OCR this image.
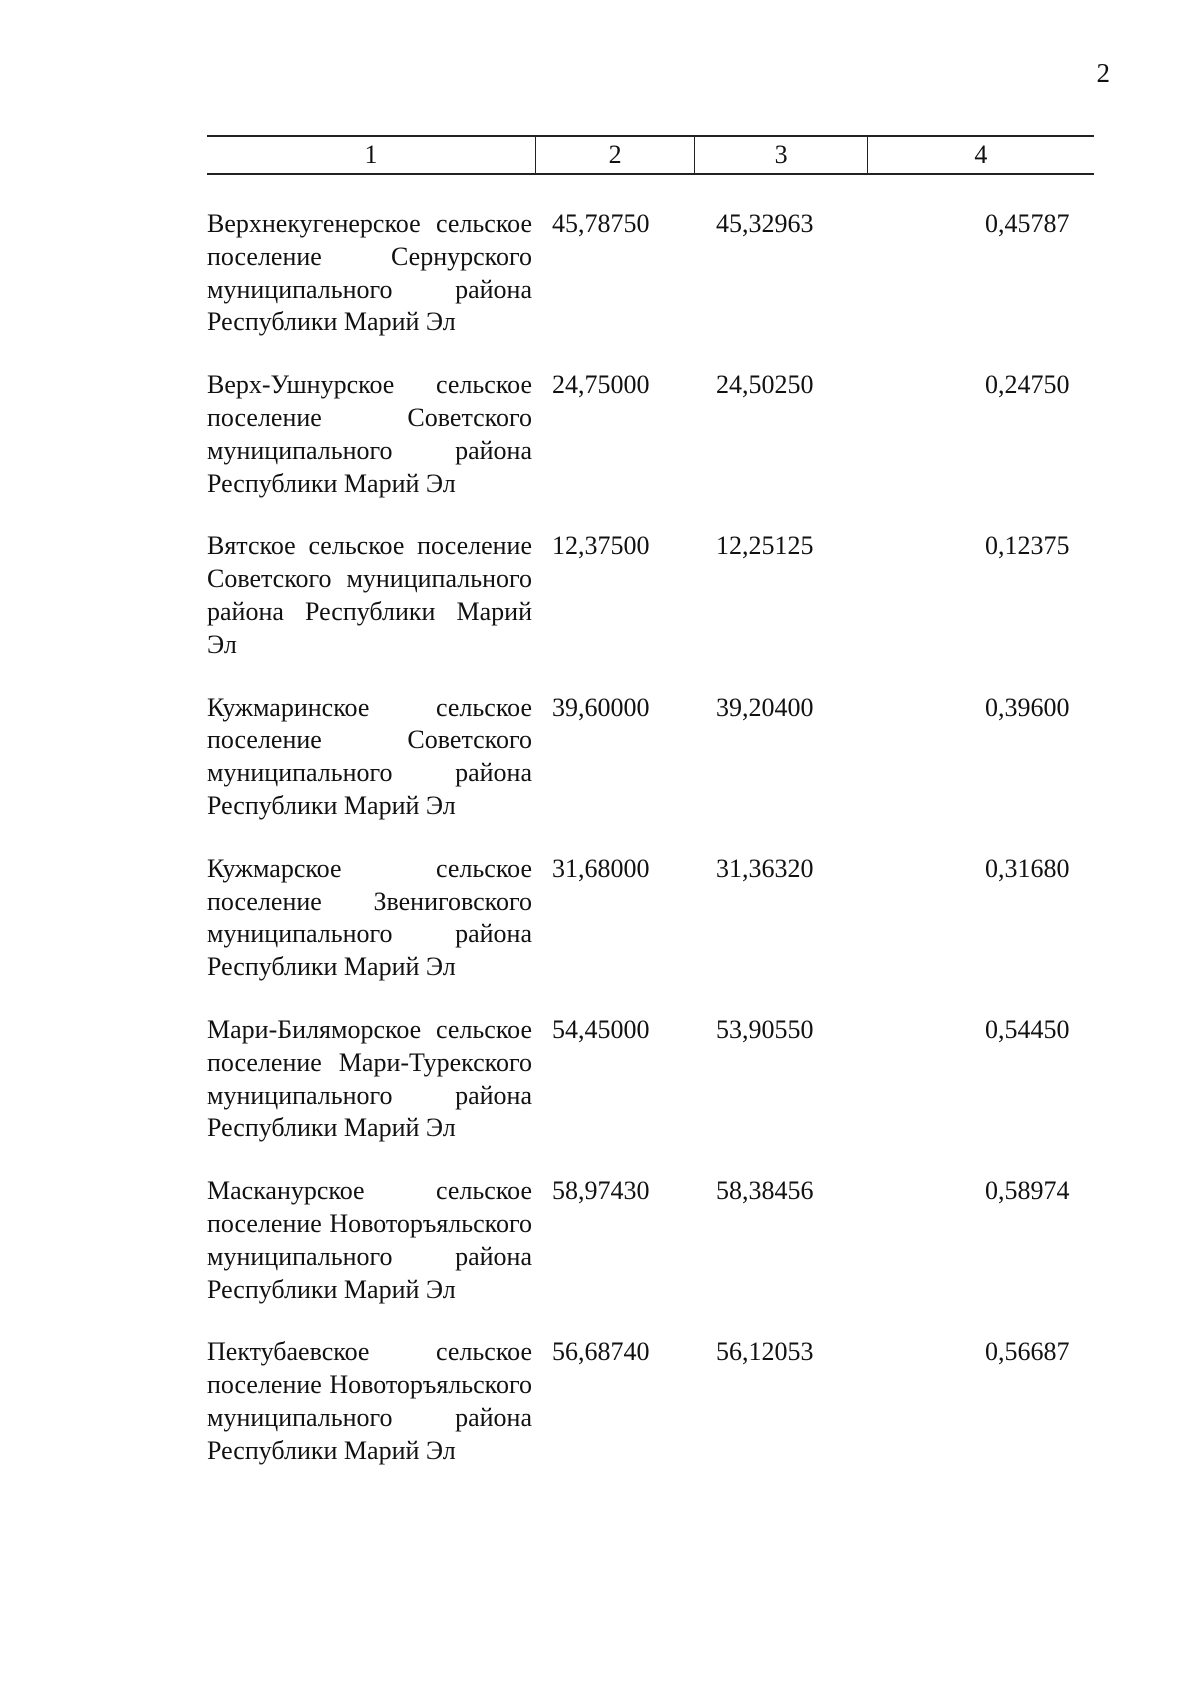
2
1	2	3	4
Верхнекугенерское сельское поселение Сернурского муниципального района Республики Марий Эл
45,78750	45,32963	0,45787
Верх-Ушнурское сельское поселение Советского муниципального района Республики Марий Эл
24,75000	24,50250	0,24750
Вятское сельское поселение Советского муниципального района Республики Марий Эл
12,37500	12,25125	0,12375
Кужмаринское сельское поселение Советского муниципального района Республики Марий Эл
39,60000	39,20400	0,39600
Кужмарское сельское поселение Звениговского муниципального района Республики Марий Эл
31,68000	31,36320	0,31680
Мари-Биляморское сельское поселение Мари-Турекского муниципального района Республики Марий Эл
54,45000	53,90550	0,54450
Масканурское сельское поселение Новоторъяльского муниципального района Республики Марий Эл
58,97430	58,38456	0,58974
Пектубаевское сельское поселение Новоторъяльского муниципального района Республики Марий Эл
56,68740	56,12053	0,56687
